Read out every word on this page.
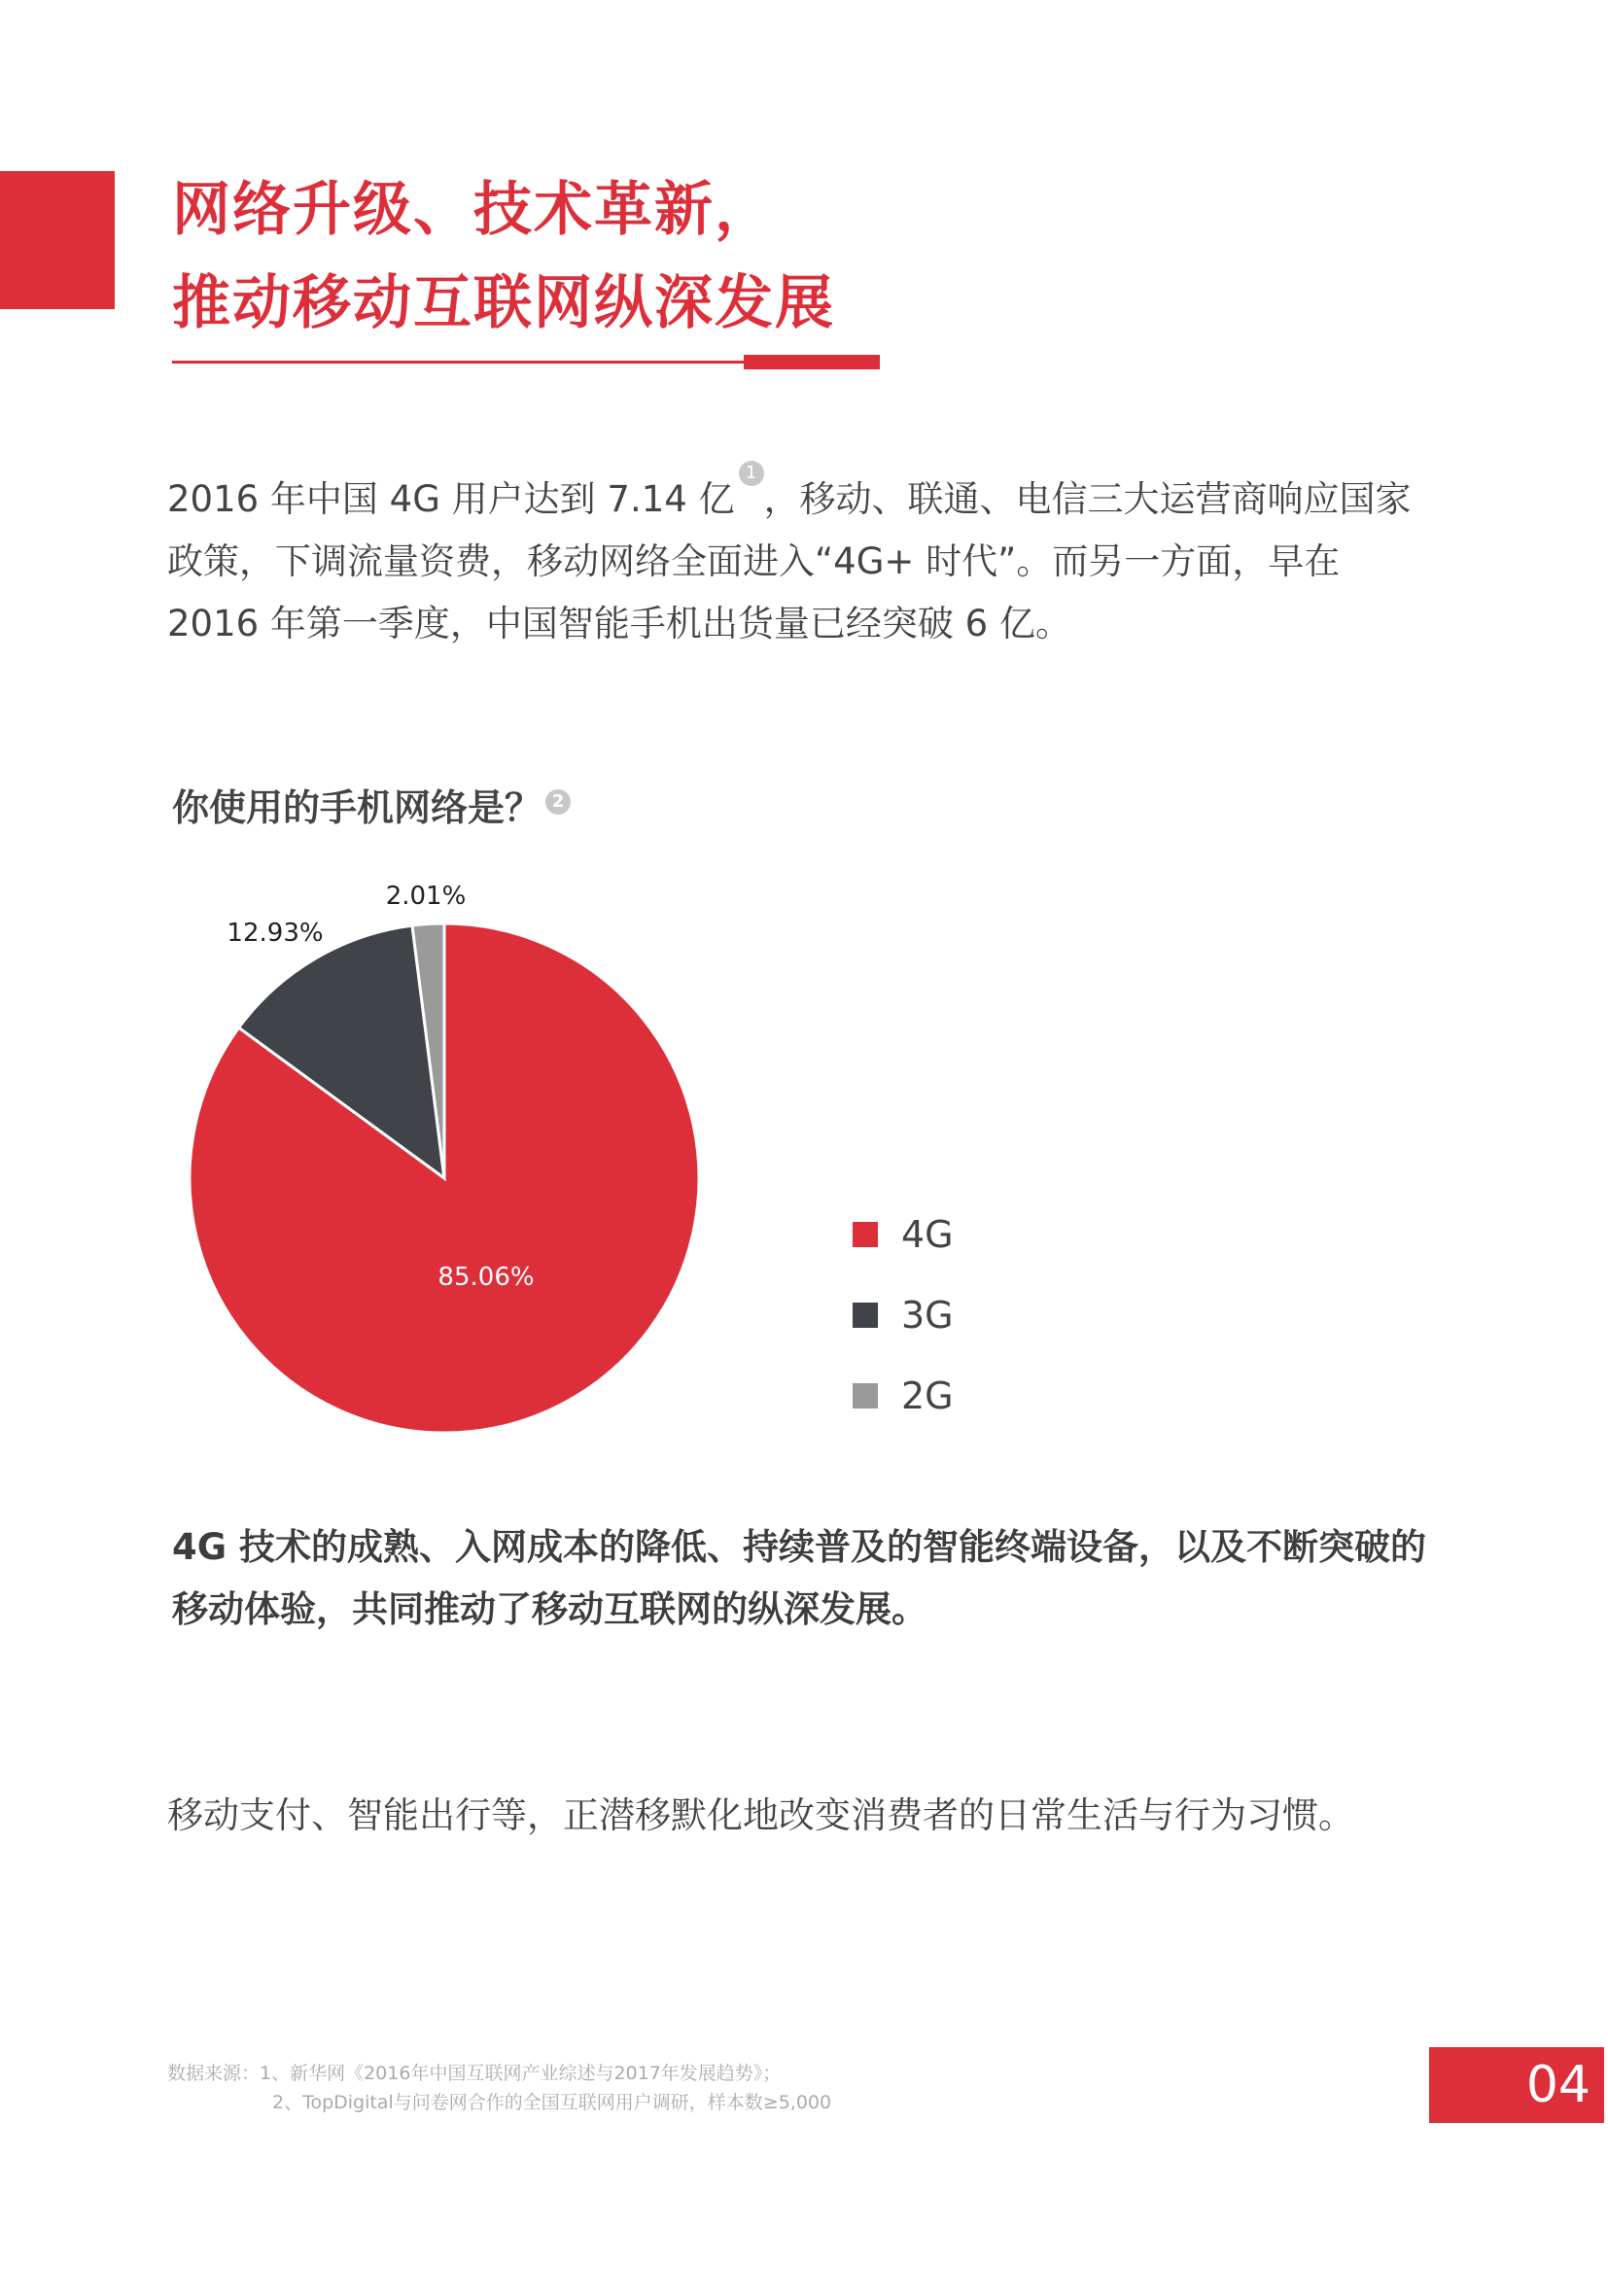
网络升级、技术革新，
推动移动互联网纵深发展

2016 年中国 4G 用户达到 7.14 亿1，移动、联通、电信三大运营商响应国家政策，下调流量资费，移动网络全面进入“4G+ 时代”。而另一方面，早在 2016 年第一季度，中国智能手机出货量已经突破 6 亿。

你使用的手机网络是？ 2
85.06%
12.93%
2.01%
4G
3G
2G

4G 技术的成熟、入网成本的降低、持续普及的智能终端设备，以及不断突破的移动体验，共同推动了移动互联网的纵深发展。

移动支付、智能出行等，正潜移默化地改变消费者的日常生活与行为习惯。

数据来源：1、新华网《2016年中国互联网产业综述与2017年发展趋势》；
2、TopDigital与问卷网合作的全国互联网用户调研，样本数≥5,000	04
